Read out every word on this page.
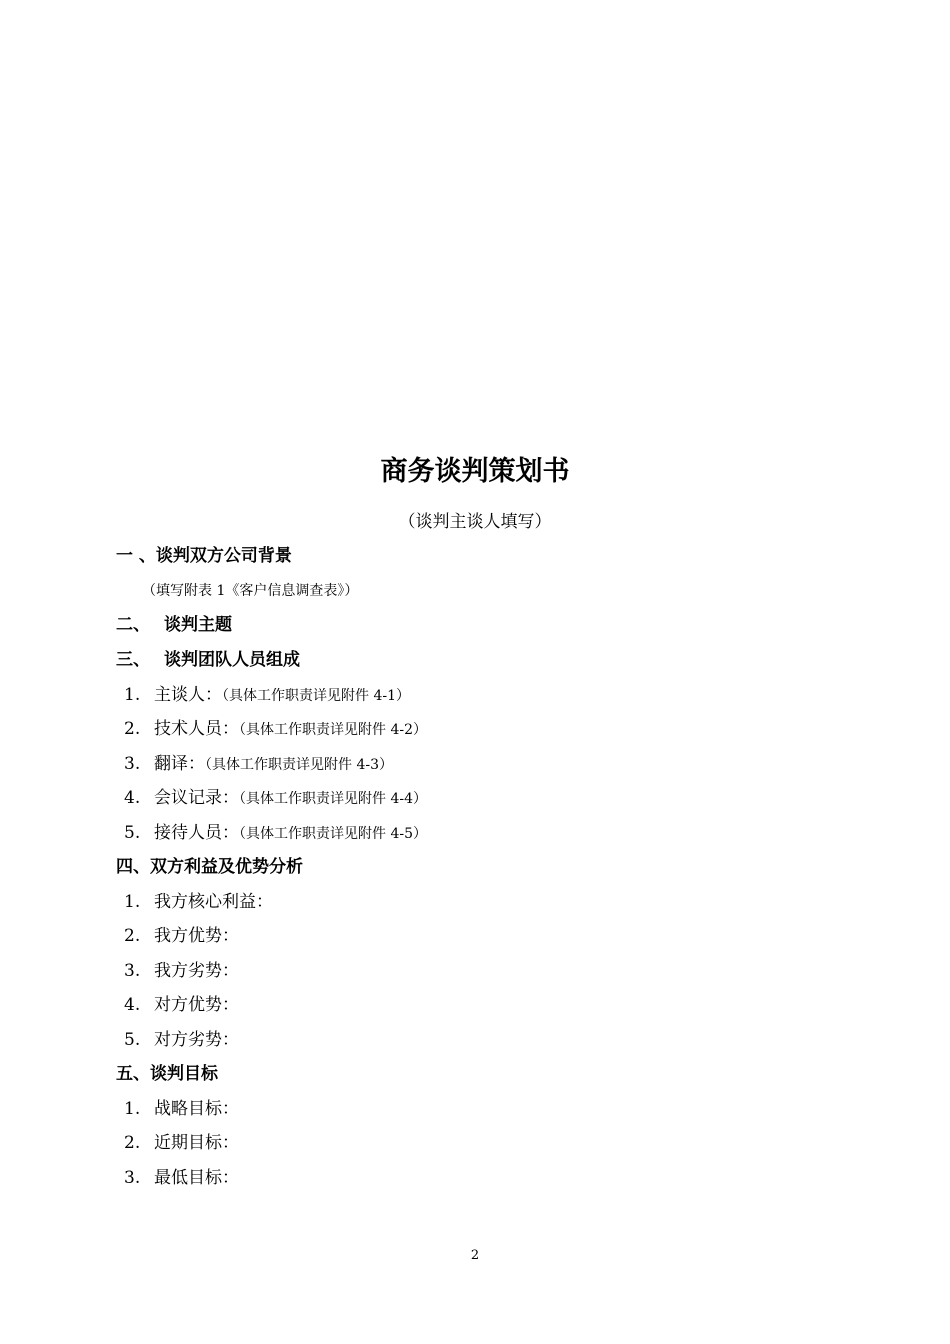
商务谈判策划书
（谈判主谈人填写）
一 、谈判双方公司背景
（填写附表 1《客户信息调查表》）
二、谈判主题
三、谈判团队人员组成
1. 主谈人：（具体工作职责详见附件 4-1）
2. 技术人员：（具体工作职责详见附件 4-2）
3. 翻译：（具体工作职责详见附件 4-3）
4. 会议记录：（具体工作职责详见附件 4-4）
5. 接待人员：（具体工作职责详见附件 4-5）
四、双方利益及优势分析
1. 我方核心利益：
2. 我方优势：
3. 我方劣势：
4. 对方优势：
5. 对方劣势：
五、谈判目标
1. 战略目标：
2. 近期目标：
3. 最低目标：
2
